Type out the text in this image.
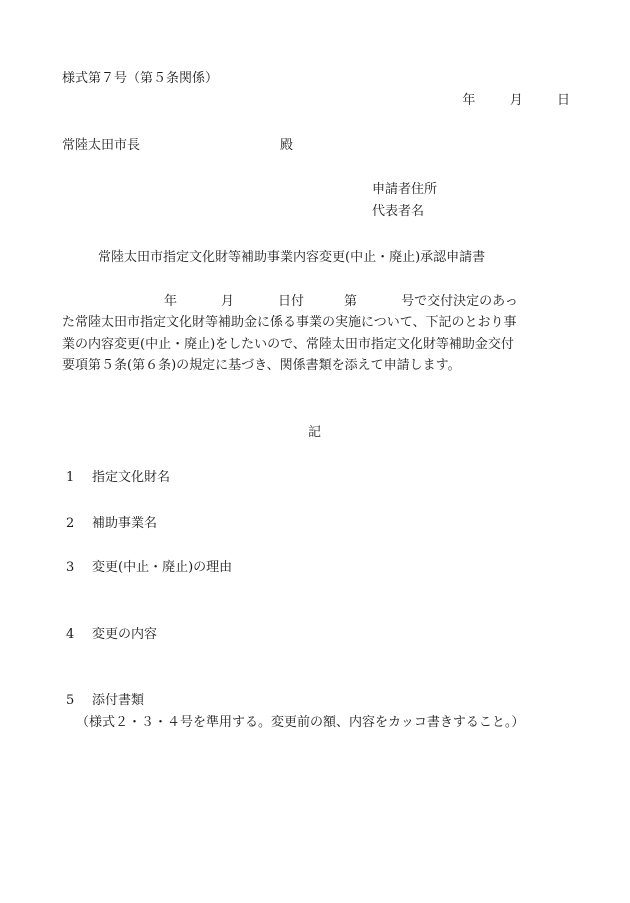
様式第７号（第５条関係）
年	月	日
常陸太田市長	殿
申請者住所
代表者名
常陸太田市指定文化財等補助事業内容変更(中止・廃止)承認申請書
年	月	日付	第	号で交付決定のあっ
た常陸太田市指定文化財等補助金に係る事業の実施について、下記のとおり事
業の内容変更(中止・廃止)をしたいので、常陸太田市指定文化財等補助金交付
要項第５条(第６条)の規定に基づき、関係書類を添えて申請します。
記
1 指定文化財名
2 補助事業名
3 変更(中止・廃止)の理由
4 変更の内容
5 添付書類
（様式２・３・４号を準用する。変更前の額、内容をカッコ書きすること。）
